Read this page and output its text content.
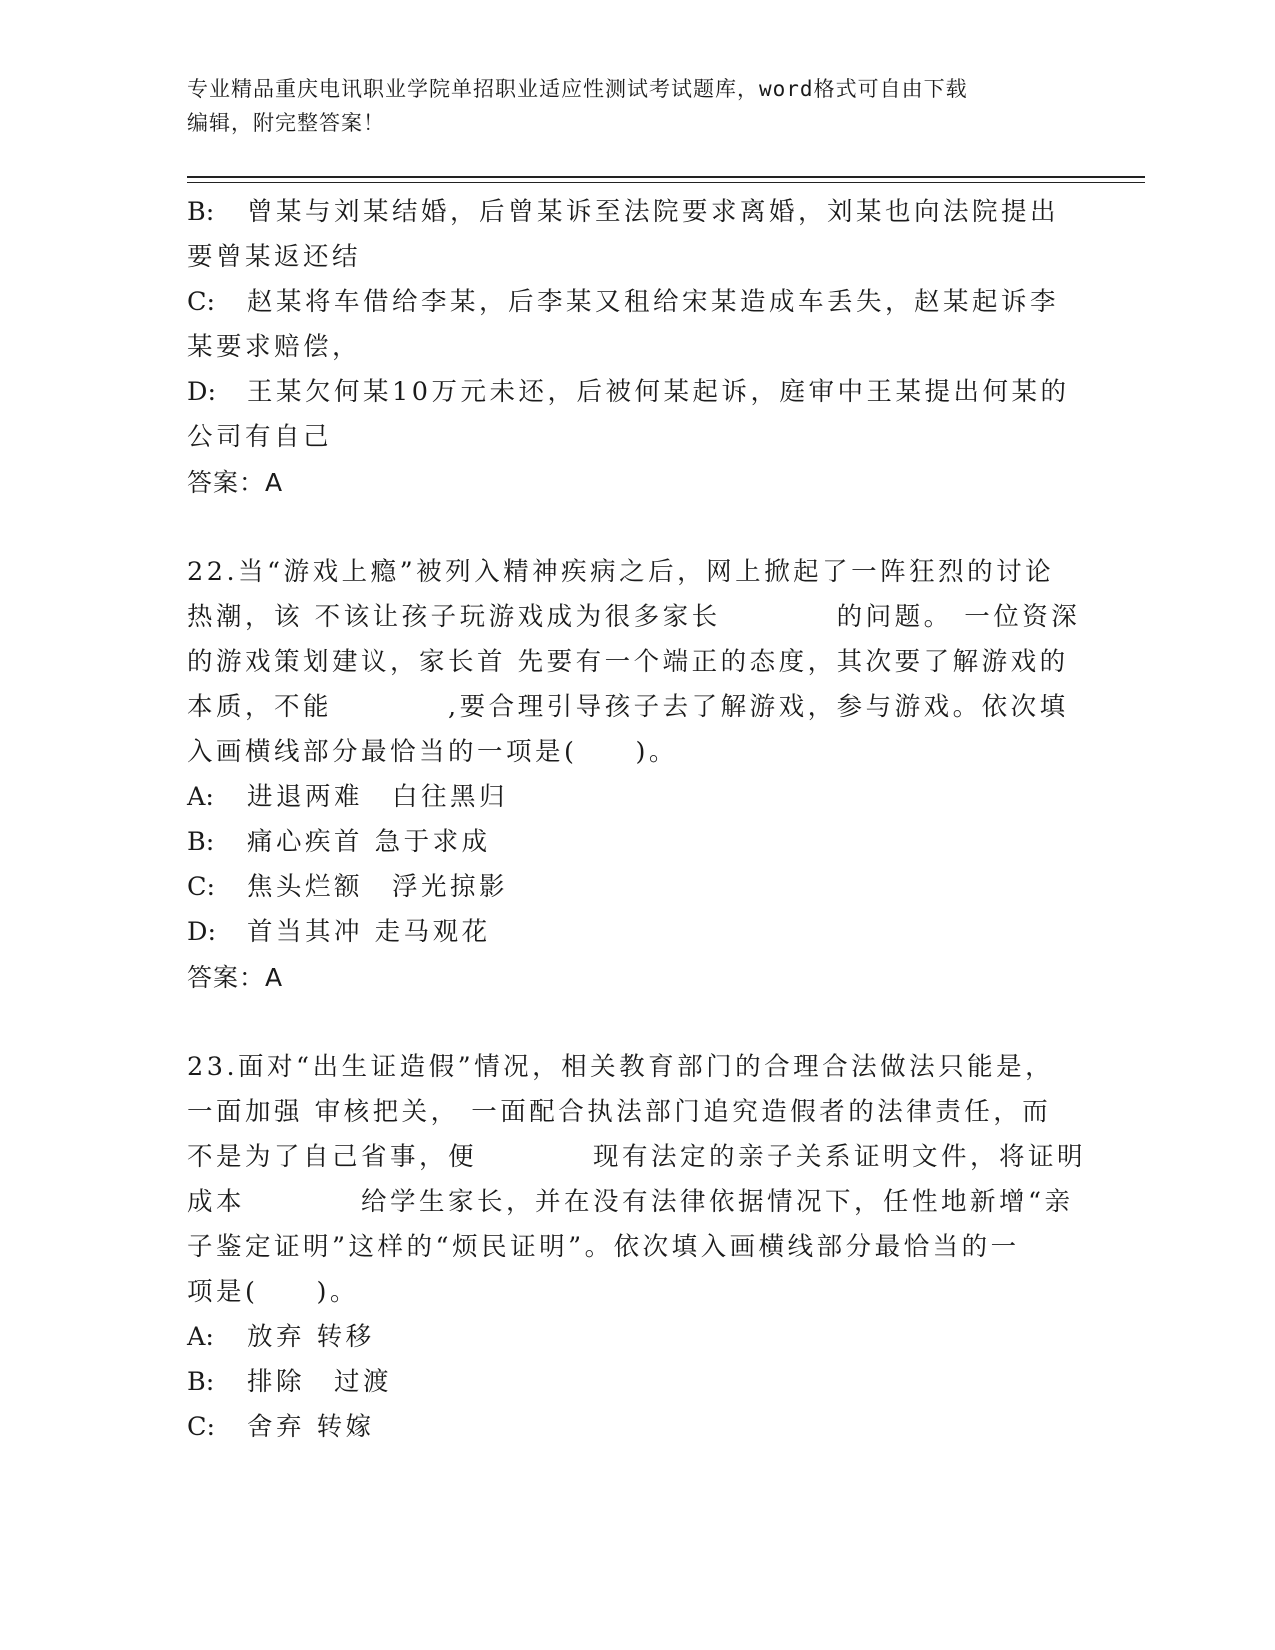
专业精品重庆电讯职业学院单招职业适应性测试考试题库，word格式可自由下载
编辑，附完整答案！
B: 曾某与刘某结婚，后曾某诉至法院要求离婚，刘某也向法院提出
要曾某返还结
C: 赵某将车借给李某，后李某又租给宋某造成车丢失，赵某起诉李
某要求赔偿，
D: 王某欠何某10万元未还，后被何某起诉，庭审中王某提出何某的
公司有自己
答案：A
22.当“游戏上瘾”被列入精神疾病之后，网上掀起了一阵狂烈的讨论
热潮，该 不该让孩子玩游戏成为很多家长　　　　的问题。 一位资深
的游戏策划建议，家长首 先要有一个端正的态度，其次要了解游戏的
本质，不能　　　　,要合理引导孩子去了解游戏，参与游戏。依次填
入画横线部分最恰当的一项是(　　)。
A: 进退两难　白往黑归
B: 痛心疾首 急于求成
C: 焦头烂额　浮光掠影
D: 首当其冲 走马观花
答案：A
23.面对“出生证造假”情况，相关教育部门的合理合法做法只能是，
一面加强 审核把关， 一面配合执法部门追究造假者的法律责任，而
不是为了自己省事，便　　　　现有法定的亲子关系证明文件，将证明
成本　　　　给学生家长，并在没有法律依据情况下，任性地新增“亲
子鉴定证明”这样的“烦民证明”。依次填入画横线部分最恰当的一
项是(　　)。
A: 放弃 转移
B: 排除　过渡
C: 舍弃 转嫁
